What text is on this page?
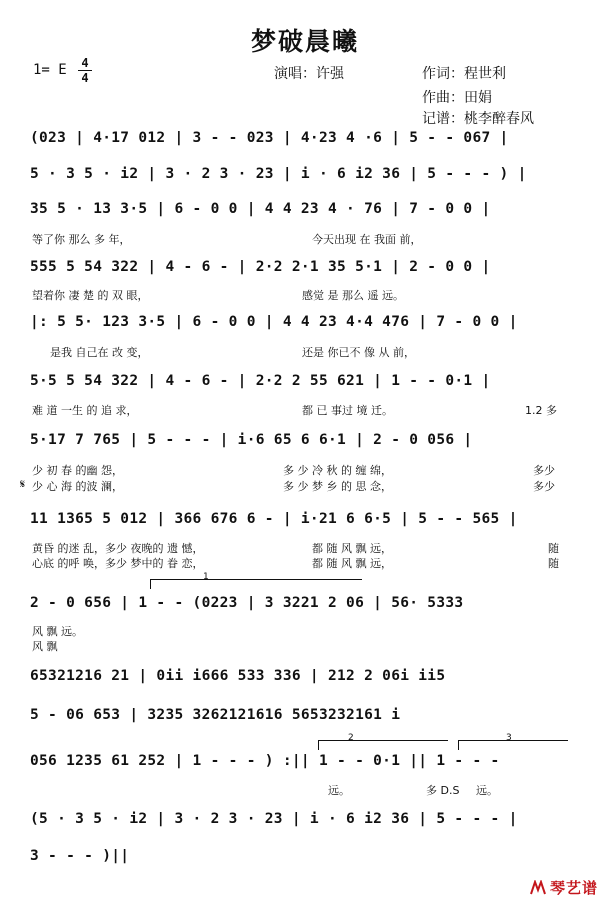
梦破晨曦
1= E 4
4	演唱：许强	作词：程世利
作曲：田娟
记谱：桃李醉春风
(023 | 4·17 012 | 3 - - 023 | 4·23 4 ·6 | 5 - - 067 |
5 · 3 5 · i2 | 3 · 2 3 · 23 | i · 6 i2 36 | 5 - - - ) |
35 5 · 13 3·5 | 6 - 0 0 | 4 4 23 4 · 76 | 7 - 0 0 |
等了你 那么 多 年，	今天出现 在 我面 前，
555 5 54 322 | 4 - 6 - | 2·2 2·1 35 5·1 | 2 - 0 0 |
望着你 凄 楚 的 双 眼，	感觉 是 那么 遥 远。
|: 5 5· 123 3·5 | 6 - 0 0 | 4 4 23 4·4 476 | 7 - 0 0 |
是我 自己在 改 变，	还是 你已不 像 从 前，
5·5 5 54 322 | 4 - 6 - | 2·2 2 55 621 | 1 - - 0·1 |
难 道 一生 的 追 求，	都 已 事过 境 迁。	1.2 多
5·17 7 765 | 5 - - - | i·6 65 6 6·1 | 2 - 0 056 |
少 初 春 的幽 怨，	多 少 冷 秋 的 缠 绵，	多少
𝄋 少 心 海 的波 澜，	多 少 梦 乡 的 思 念，	多少
11 1365 5 012 | 366 676 6 - | i·21 6 6·5 | 5 - - 565 |
黄昏 的迷 乱，多少 夜晚的 遗 憾，	都 随 风 飘 远，	随
心底 的呼 唤，多少 梦中的 眷 恋，	都 随 风 飘 远，	随
1
2 - 0 656 | 1 - - (0223 | 3 3221 2 06 | 56· 5333
风 飘 远。
风 飘
65321216 21 | 0ii i666 533 336 | 212 2 06i ii5
5 - 06 653 | 3235 3262121616 5653232161 i
2	3
056 1235 61 252 | 1 - - - ) :|| 1 - - 0·1 || 1 - - -
远。	多 D.S 远。
(5 · 3 5 · i2 | 3 · 2 3 · 23 | i · 6 i2 36 | 5 - - - |
3 - - - )||
琴艺谱
